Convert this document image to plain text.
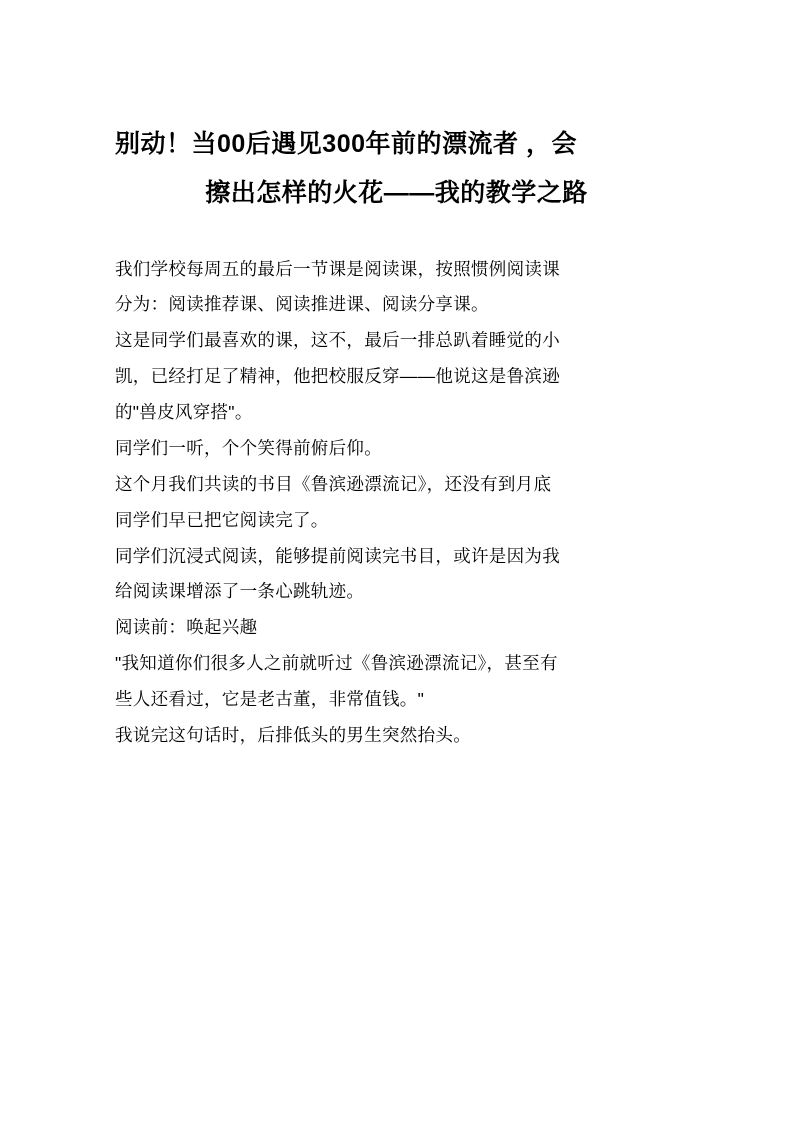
别动！当00后遇见300年前的漂流者 ，会
擦出怎样的火花——我的教学之路
我们学校每周五的最后一节课是阅读课，按照惯例阅读课
分为：阅读推荐课、阅读推进课、阅读分享课。
这是同学们最喜欢的课，这不，最后一排总趴着睡觉的小
凯，已经打足了精神，他把校服反穿——他说这是鲁滨逊
的"兽皮风穿搭"。
同学们一听，个个笑得前俯后仰。
这个月我们共读的书目《鲁滨逊漂流记》，还没有到月底
同学们早已把它阅读完了。
同学们沉浸式阅读，能够提前阅读完书目，或许是因为我
给阅读课增添了一条心跳轨迹。
阅读前：唤起兴趣
"我知道你们很多人之前就听过《鲁滨逊漂流记》，甚至有
些人还看过，它是老古董，非常值钱。"
我说完这句话时，后排低头的男生突然抬头。
